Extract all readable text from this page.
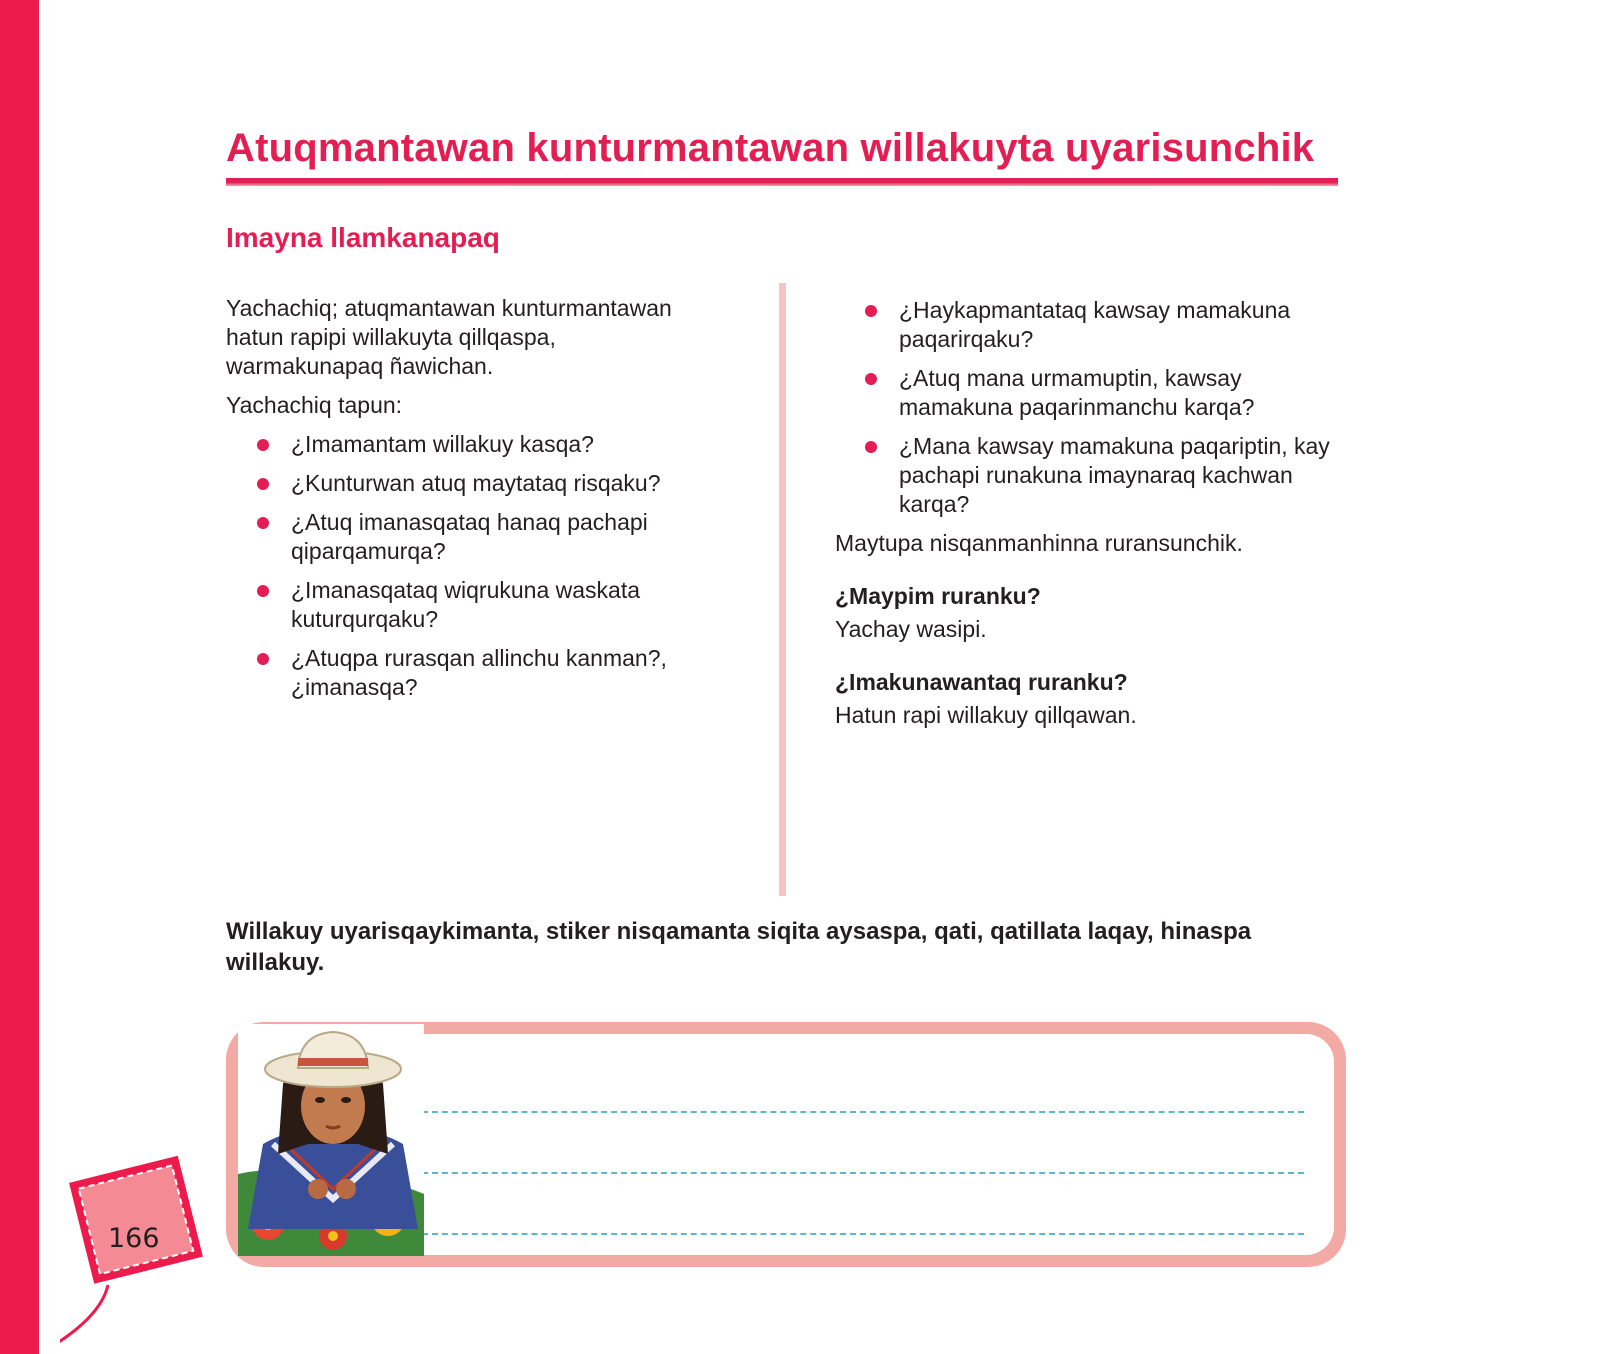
Atuqmantawan kunturmantawan willakuyta uyarisunchik
Imayna llamkanapaq

Yachachiq; atuqmantawan kunturmantawan hatun rapipi willakuyta qillqaspa, warmakunapaq ñawichan.

Yachachiq tapun:

¿Imamantam willakuy kasqa?
¿Kunturwan atuq maytataq risqaku?
¿Atuq imanasqataq hanaq pachapi qiparqamurqa?
¿Imanasqataq wiqrukuna waskata kuturqurqaku?
¿Atuqpa rurasqan allinchu kanman?, ¿imanasqa?
¿Haykapmantataq kawsay mamakuna paqarirqaku?
¿Atuq mana urmamuptin, kawsay mamakuna paqarinmanchu karqa?
¿Mana kawsay mamakuna paqariptin, kay pachapi runakuna imaynaraq kachwan karqa?

Maytupa nisqanmanhinna ruransunchik.

¿Maypim ruranku?

Yachay wasipi.

¿Imakunawantaq ruranku?

Hatun rapi willakuy qillqawan.

Willakuy uyarisqaykimanta, stiker nisqamanta siqita aysaspa, qati, qatillata laqay, hinaspa willakuy.
166
